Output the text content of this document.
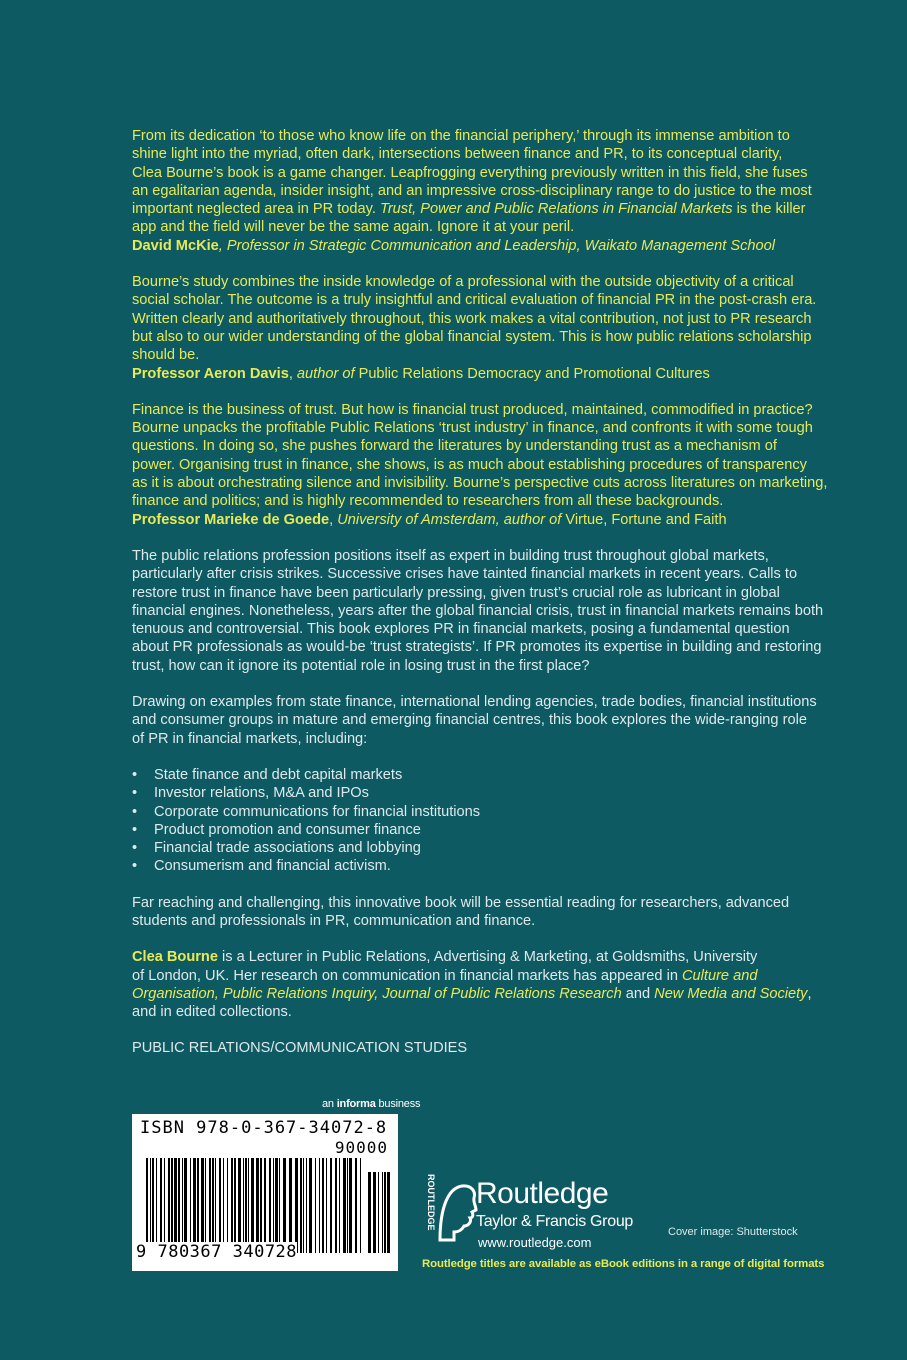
From its dedication ‘to those who know life on the financial periphery,’ through its immense ambition to

shine light into the myriad, often dark, intersections between finance and PR, to its conceptual clarity,

Clea Bourne’s book is a game changer. Leapfrogging everything previously written in this field, she fuses

an egalitarian agenda, insider insight, and an impressive cross-disciplinary range to do justice to the most

important neglected area in PR today. Trust, Power and Public Relations in Financial Markets is the killer

app and the field will never be the same again. Ignore it at your peril.

David McKie, Professor in Strategic Communication and Leadership, Waikato Management School

Bourne’s study combines the inside knowledge of a professional with the outside objectivity of a critical

social scholar. The outcome is a truly insightful and critical evaluation of financial PR in the post-crash era.

Written clearly and authoritatively throughout, this work makes a vital contribution, not just to PR research

but also to our wider understanding of the global financial system. This is how public relations scholarship

should be.

Professor Aeron Davis, author of Public Relations Democracy and Promotional Cultures

Finance is the business of trust. But how is financial trust produced, maintained, commodified in practice?

Bourne unpacks the profitable Public Relations ‘trust industry’ in finance, and confronts it with some tough

questions. In doing so, she pushes forward the literatures by understanding trust as a mechanism of

power. Organising trust in finance, she shows, is as much about establishing procedures of transparency

as it is about orchestrating silence and invisibility. Bourne’s perspective cuts across literatures on marketing,

finance and politics; and is highly recommended to researchers from all these backgrounds.

Professor Marieke de Goede, University of Amsterdam, author of Virtue, Fortune and Faith

The public relations profession positions itself as expert in building trust throughout global markets,

particularly after crisis strikes. Successive crises have tainted financial markets in recent years. Calls to

restore trust in finance have been particularly pressing, given trust’s crucial role as lubricant in global

financial engines. Nonetheless, years after the global financial crisis, trust in financial markets remains both

tenuous and controversial. This book explores PR in financial markets, posing a fundamental question

about PR professionals as would-be ‘trust strategists’. If PR promotes its expertise in building and restoring

trust, how can it ignore its potential role in losing trust in the first place?

Drawing on examples from state finance, international lending agencies, trade bodies, financial institutions

and consumer groups in mature and emerging financial centres, this book explores the wide-ranging role

of PR in financial markets, including:

• State finance and debt capital markets
• Investor relations, M&A and IPOs
• Corporate communications for financial institutions
• Product promotion and consumer finance
• Financial trade associations and lobbying
• Consumerism and financial activism.

Far reaching and challenging, this innovative book will be essential reading for researchers, advanced

students and professionals in PR, communication and finance.

Clea Bourne is a Lecturer in Public Relations, Advertising & Marketing, at Goldsmiths, University

of London, UK. Her research on communication in financial markets has appeared in Culture and

Organisation, Public Relations Inquiry, Journal of Public Relations Research and New Media and Society,

and in edited collections.

PUBLIC RELATIONS/COMMUNICATION STUDIES

an informa business
ISBN 978-0-367-34072-8
90000
9 780367 340728
ROUTLEDGE Routledge
Taylor & Francis Group
www.routledge.com
Cover image: Shutterstock
Routledge titles are available as eBook editions in a range of digital formats
